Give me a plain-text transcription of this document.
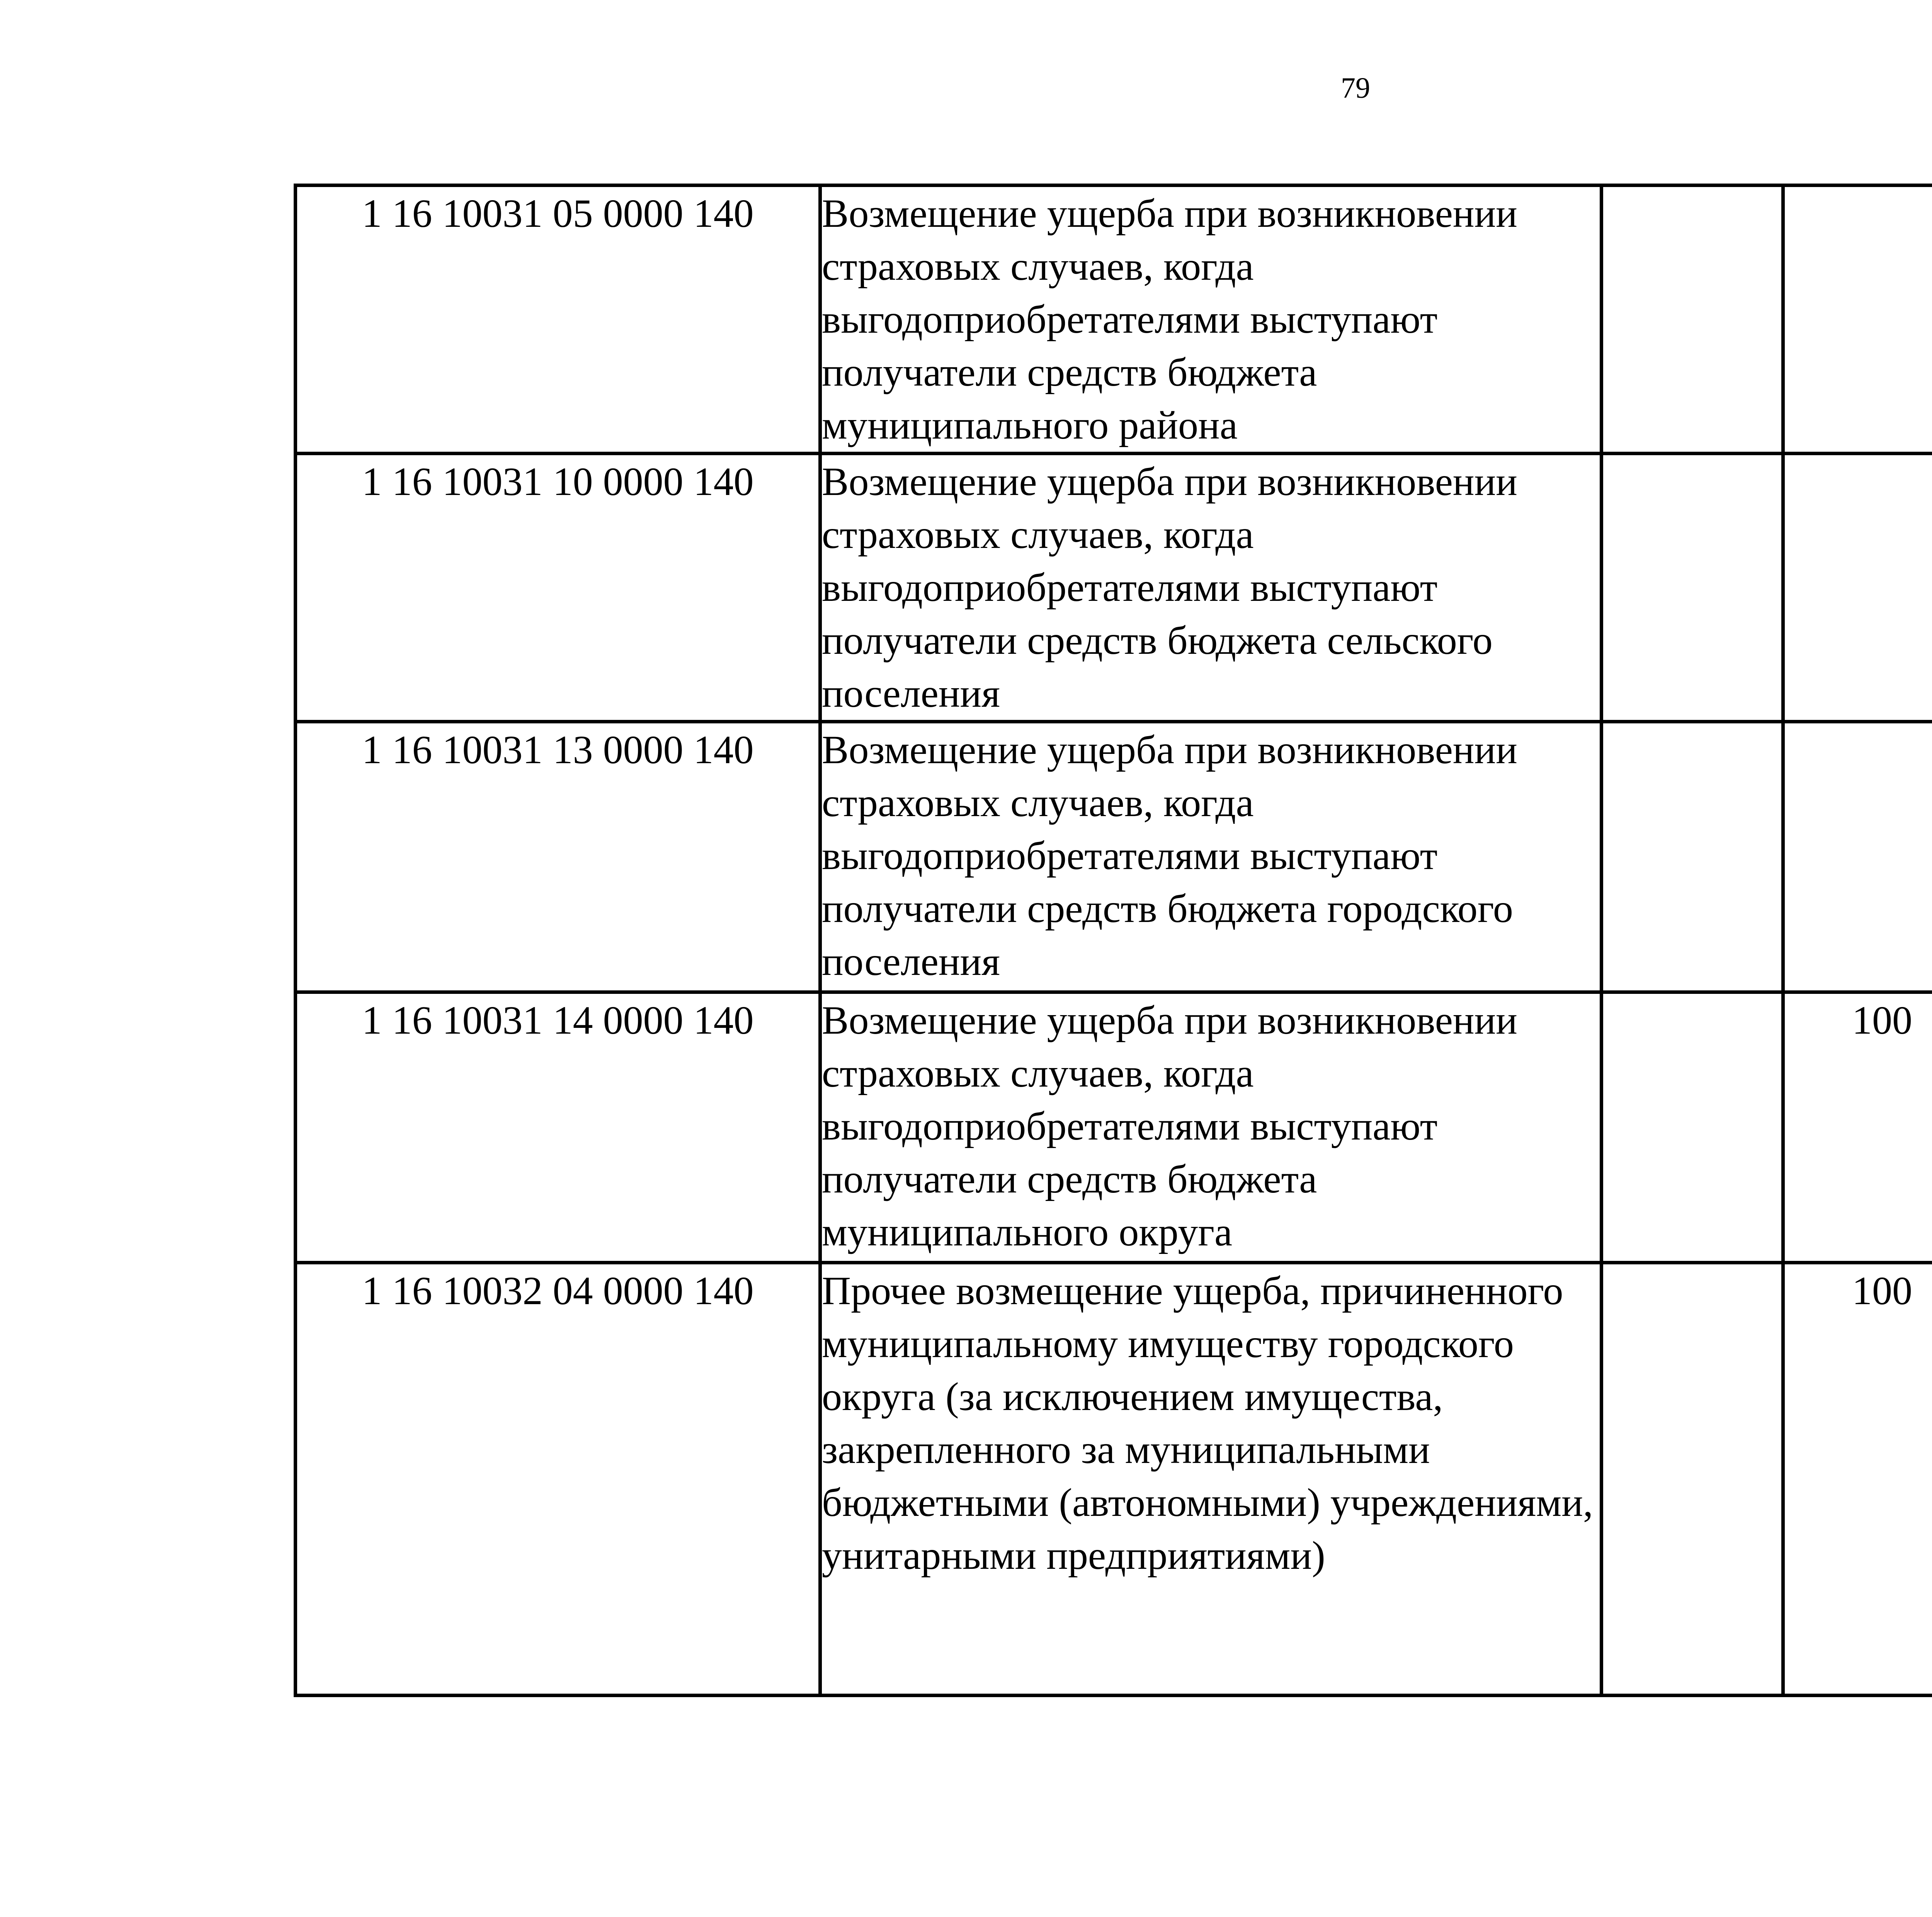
79
1 16 10031 05 0000 140	Возмещение ущерба при возникновении страховых случаев, когда выгодоприобретателями выступают получатели средств бюджета муниципального района					
1 16 10031 10 0000 140	Возмещение ущерба при возникновении страховых случаев, когда выгодоприобретателями выступают получатели средств бюджета сельского поселения					
1 16 10031 13 0000 140	Возмещение ущерба при возникновении страховых случаев, когда выгодоприобретателями выступают получатели средств бюджета городского поселения					
1 16 10031 14 0000 140	Возмещение ущерба при возникновении страховых случаев, когда выгодоприобретателями выступают получатели средств бюджета муниципального округа		100			
1 16 10032 04 0000 140	Прочее возмещение ущерба, причиненного муниципальному имуществу городского округа (за исключением имущества, закрепленного за муниципальными бюджетными (автономными) учреждениями, унитарными предприятиями)		100			
